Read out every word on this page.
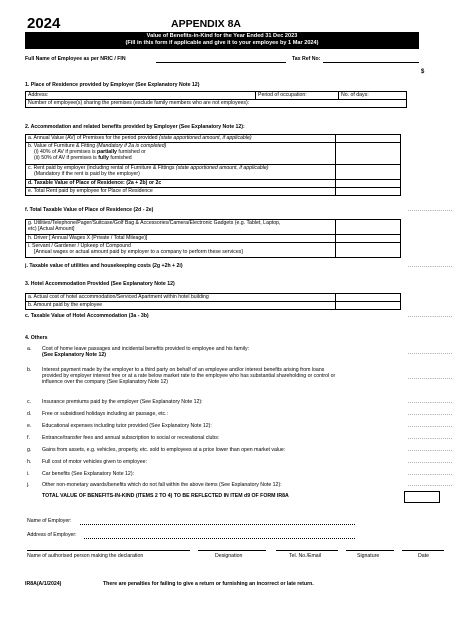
2024	APPENDIX 8A
Value of Benefits-in-Kind for the Year Ended 31 Dec 2023
(Fill in this form if applicable and give it to your employee by 1 Mar 2024)
Full Name of Employee as per NRIC / FIN	Tax Ref No:
$
1. Place of Residence provided by Employer (See Explanatory Note 12)
Address:	Period of occupation:	No. of days:
Number of employee(s) sharing the premises (exclude family members who are not employees):
2. Accommodation and related benefits provided by Employer (See Explanatory Note 12):
a. Annual Value (AV) of Premises for the period provided (state apportioned amount, if applicable)	

b. Value of Furniture & Fitting (Mandatory if 2a is completed)
(i) 40% of AV if premises is partially furnished or
(ii) 50% of AV if premises is fully furnished	

c. Rent paid by employer (including rental of Furniture & Fittings (state apportioned amount, if applicable)
(Mandatory if the rent is paid by the employer)	

d. Taxable Value of Place of Residence: (2a + 2b) or 2c	
e. Total Rent paid by employee for Place of Residence	
f. Total Taxable Value of Place of Residence (2d - 2e)	.......................
g. Utilities/Telephone/Pager/Suitcase/Golf Bag & Accessories/Camera/Electronic Gadgets (e.g. Tablet, Laptop,
etc) [Actual Amount]	

h. Driver [ Annual Wages X (Private / Total Mileage)]	

i. Servant / Gardener / Upkeep of Compound
[Annual wages or actual amount paid by employer to a company to perform these services]	

j. Taxable value of utilities and housekeeping costs (2g +2h + 2i)	.......................
3. Hotel Accommodation Provided (See Explanatory Note 12)
a. Actual cost of hotel accommodation/Serviced Apartment within hotel building	
b. Amount paid by the employee	
c. Taxable Value of Hotel Accommodation (3a - 3b)	.......................
4. Others
a. Cost of home leave passages and incidental benefits provided to employee and his family:
(See Explanatory Note 12)	.......................
b. Interest payment made by the employer to a third party on behalf of an employee and/or interest benefits arising from loans
provided by employer interest free or at a rate below market rate to the employee who has substantial shareholding or control or
influence over the company (See Explanatory Note 12)
.......................
c. Insurance premiums paid by the employer (See Explanatory Note 12):	.......................
d. Free or subsidised holidays including air passage, etc.:	.......................
e. Educational expenses including tutor provided (See Explanatory Note 12):	.......................
f. Entrance/transfer fees and annual subscription to social or recreational clubs:	.......................
g. Gains from assets, e.g. vehicles, property, etc. sold to employees at a price lower than open market value:	.......................
h. Full cost of motor vehicles given to employee:	.......................
i. Car benefits (See Explanatory Note 12):	.......................
j. Other non-monetary awards/benefits which do not fall within the above items (See Explanatory Note 12):	.......................
TOTAL VALUE OF BENEFITS-IN-KIND (ITEMS 2 TO 4) TO BE REFLECTED IN ITEM d9 OF FORM IR8A
Name of Employer:
Address of Employer:
Name of authorised person making the declaration	Designation	Tel. No./Email	Signature	Date
IR8A(A/1/2024)	There are penalties for failing to give a return or furnishing an incorrect or late return.
